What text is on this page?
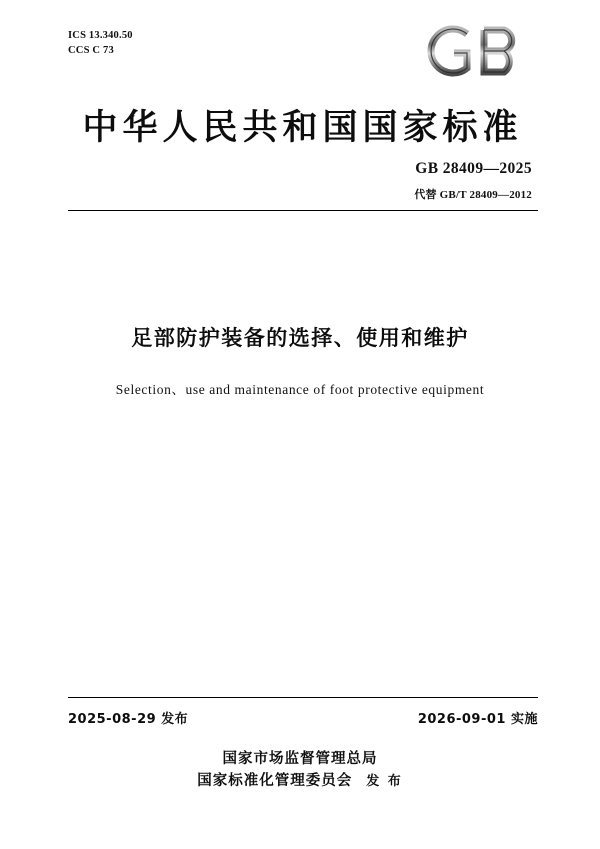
ICS 13.340.50
CCS C 73
中华人民共和国国家标准
GB 28409—2025
代替 GB/T 28409—2012
足部防护装备的选择、使用和维护
Selection、use and maintenance of foot protective equipment
2025-08-29 发布	2026-09-01 实施
国家市场监督管理总局
国家标准化管理委员会 发 布
